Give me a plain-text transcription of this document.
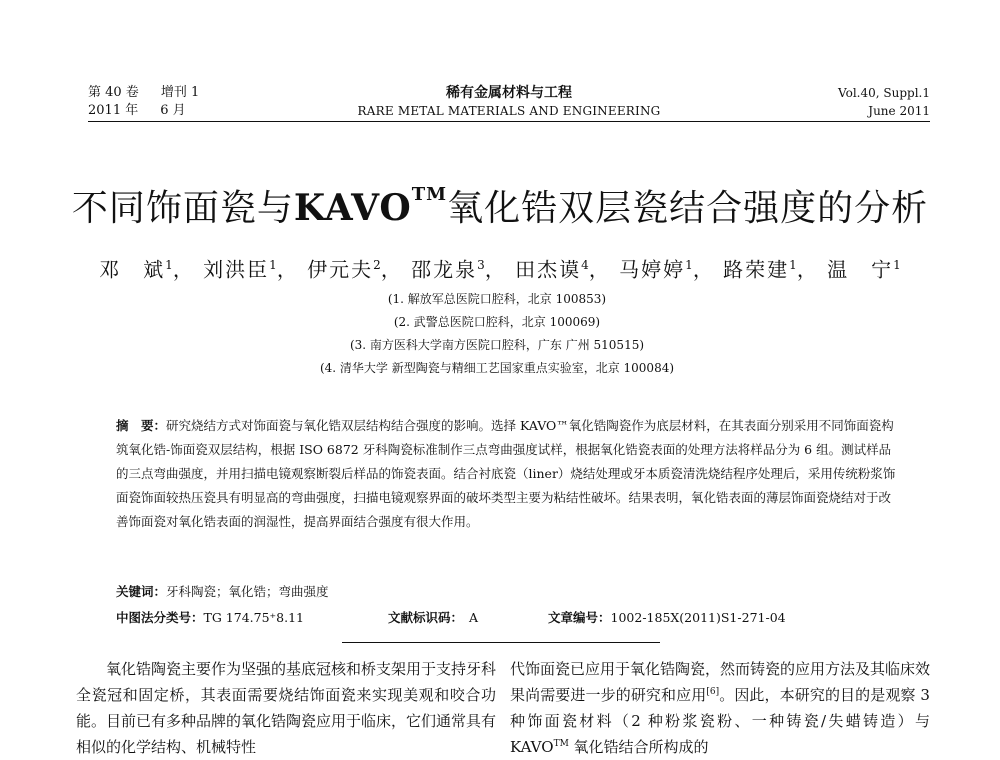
第 40 卷 增刊 1
2011 年 6 月
稀有金属材料与工程
RARE METAL MATERIALS AND ENGINEERING
Vol.40, Suppl.1
June 2011
不同饰面瓷与KAVO™氧化锆双层瓷结合强度的分析
邓　斌$^1$， 刘洪臣$^1$， 伊元夫$^2$， 邵龙泉$^3$， 田杰谟$^4$， 马婷婷$^1$， 路荣建$^1$， 温　宁$^1$
(1. 解放军总医院口腔科，北京 100853)
(2. 武警总医院口腔科，北京 100069)
(3. 南方医科大学南方医院口腔科，广东 广州 510515)
(4. 清华大学 新型陶瓷与精细工艺国家重点实验室，北京 100084)
摘　要：研究烧结方式对饰面瓷与氧化锆双层结构结合强度的影响。选择 KAVO™氧化锆陶瓷作为底层材料，在其表面分别采用不同饰面瓷构筑氧化锆-饰面瓷双层结构，根据 ISO 6872 牙科陶瓷标准制作三点弯曲强度试样，根据氧化锆瓷表面的处理方法将样品分为 6 组。测试样品的三点弯曲强度，并用扫描电镜观察断裂后样品的饰瓷表面。结合衬底瓷（liner）烧结处理或牙本质瓷清洗烧结程序处理后，采用传统粉浆饰面瓷饰面较热压瓷具有明显高的弯曲强度，扫描电镜观察界面的破坏类型主要为粘结性破坏。结果表明，氧化锆表面的薄层饰面瓷烧结对于改善饰面瓷对氧化锆表面的润湿性，提高界面结合强度有很大作用。
关键词：牙科陶瓷；氧化锆；弯曲强度
中图法分类号：TG 174.75⁺8.11	文献标识码： A	文章编号：1002-185X(2011)S1-271-04
氧化锆陶瓷主要作为坚强的基底冠核和桥支架用于支持牙科全瓷冠和固定桥，其表面需要烧结饰面瓷来实现美观和咬合功能。目前已有多种品牌的氧化锆陶瓷应用于临床，它们通常具有相似的化学结构、机械特性
代饰面瓷已应用于氧化锆陶瓷，然而铸瓷的应用方法及其临床效果尚需要进一步的研究和应用[6]。因此，本研究的目的是观察 3 种饰面瓷材料（2 种粉浆瓷粉、一种铸瓷/失蜡铸造）与 KAVO™ 氧化锆结合所构成的
